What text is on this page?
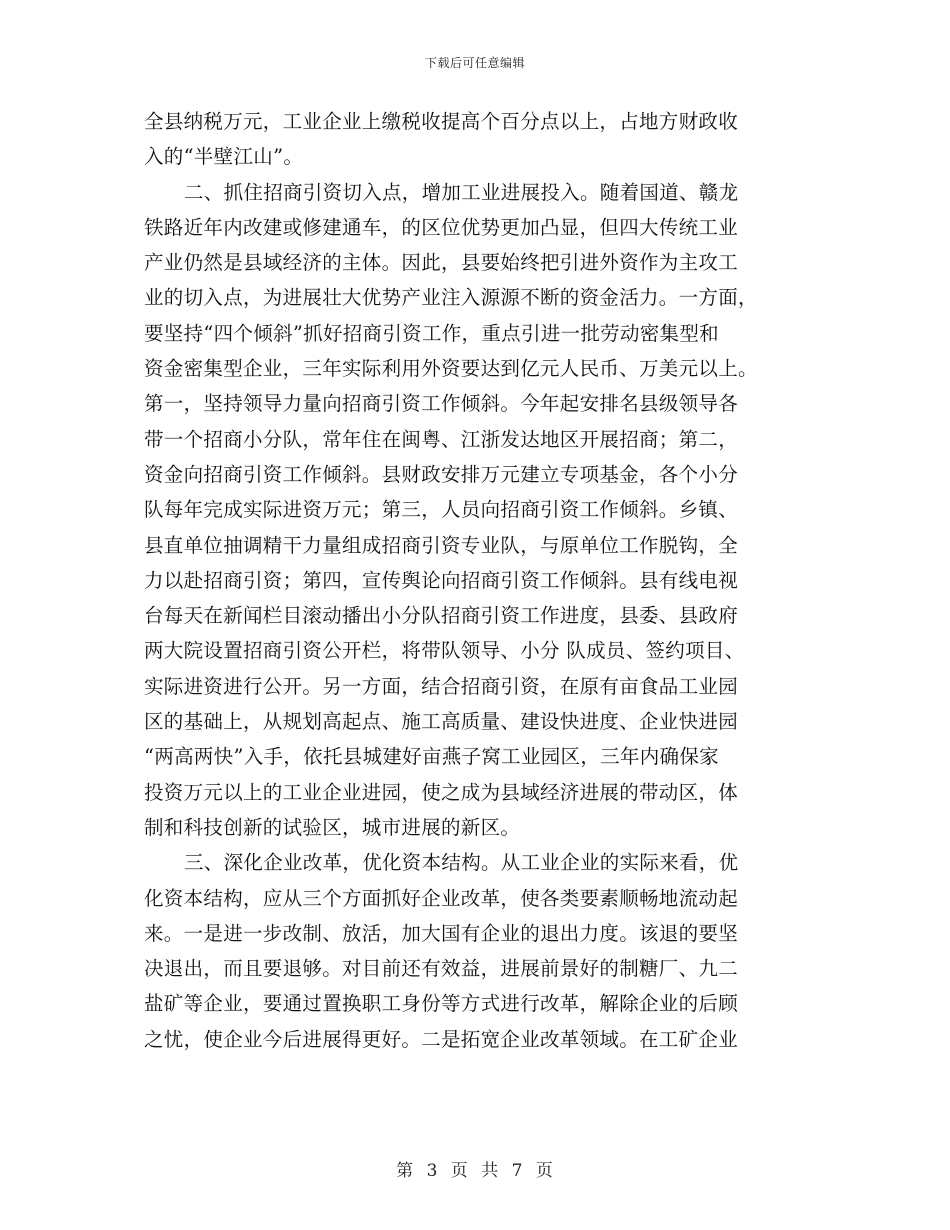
下载后可任意编辑
全县纳税万元，工业企业上缴税收提高个百分点以上，占地方财政收
入的“半壁江山”。
二、抓住招商引资切入点，增加工业进展投入。随着国道、赣龙
铁路近年内改建或修建通车，的区位优势更加凸显，但四大传统工业
产业仍然是县域经济的主体。因此，县要始终把引进外资作为主攻工
业的切入点，为进展壮大优势产业注入源源不断的资金活力。一方面，
要坚持“四个倾斜”抓好招商引资工作，重点引进一批劳动密集型和
资金密集型企业，三年实际利用外资要达到亿元人民币、万美元以上。
第一，坚持领导力量向招商引资工作倾斜。今年起安排名县级领导各
带一个招商小分队，常年住在闽粤、江浙发达地区开展招商；第二，
资金向招商引资工作倾斜。县财政安排万元建立专项基金，各个小分
队每年完成实际进资万元；第三，人员向招商引资工作倾斜。乡镇、
县直单位抽调精干力量组成招商引资专业队，与原单位工作脱钩，全
力以赴招商引资；第四，宣传舆论向招商引资工作倾斜。县有线电视
台每天在新闻栏目滚动播出小分队招商引资工作进度，县委、县政府
两大院设置招商引资公开栏，将带队领导、小分 队成员、签约项目、
实际进资进行公开。另一方面，结合招商引资，在原有亩食品工业园
区的基础上，从规划高起点、施工高质量、建设快进度、企业快进园
“两高两快”入手，依托县城建好亩燕子窝工业园区，三年内确保家
投资万元以上的工业企业进园，使之成为县域经济进展的带动区，体
制和科技创新的试验区，城市进展的新区。
三、深化企业改革，优化资本结构。从工业企业的实际来看，优
化资本结构，应从三个方面抓好企业改革，使各类要素顺畅地流动起
来。一是进一步改制、放活，加大国有企业的退出力度。该退的要坚
决退出，而且要退够。对目前还有效益，进展前景好的制糖厂、九二
盐矿等企业，要通过置换职工身份等方式进行改革，解除企业的后顾
之忧，使企业今后进展得更好。二是拓宽企业改革领域。在工矿企业
第 3 页 共 7 页
